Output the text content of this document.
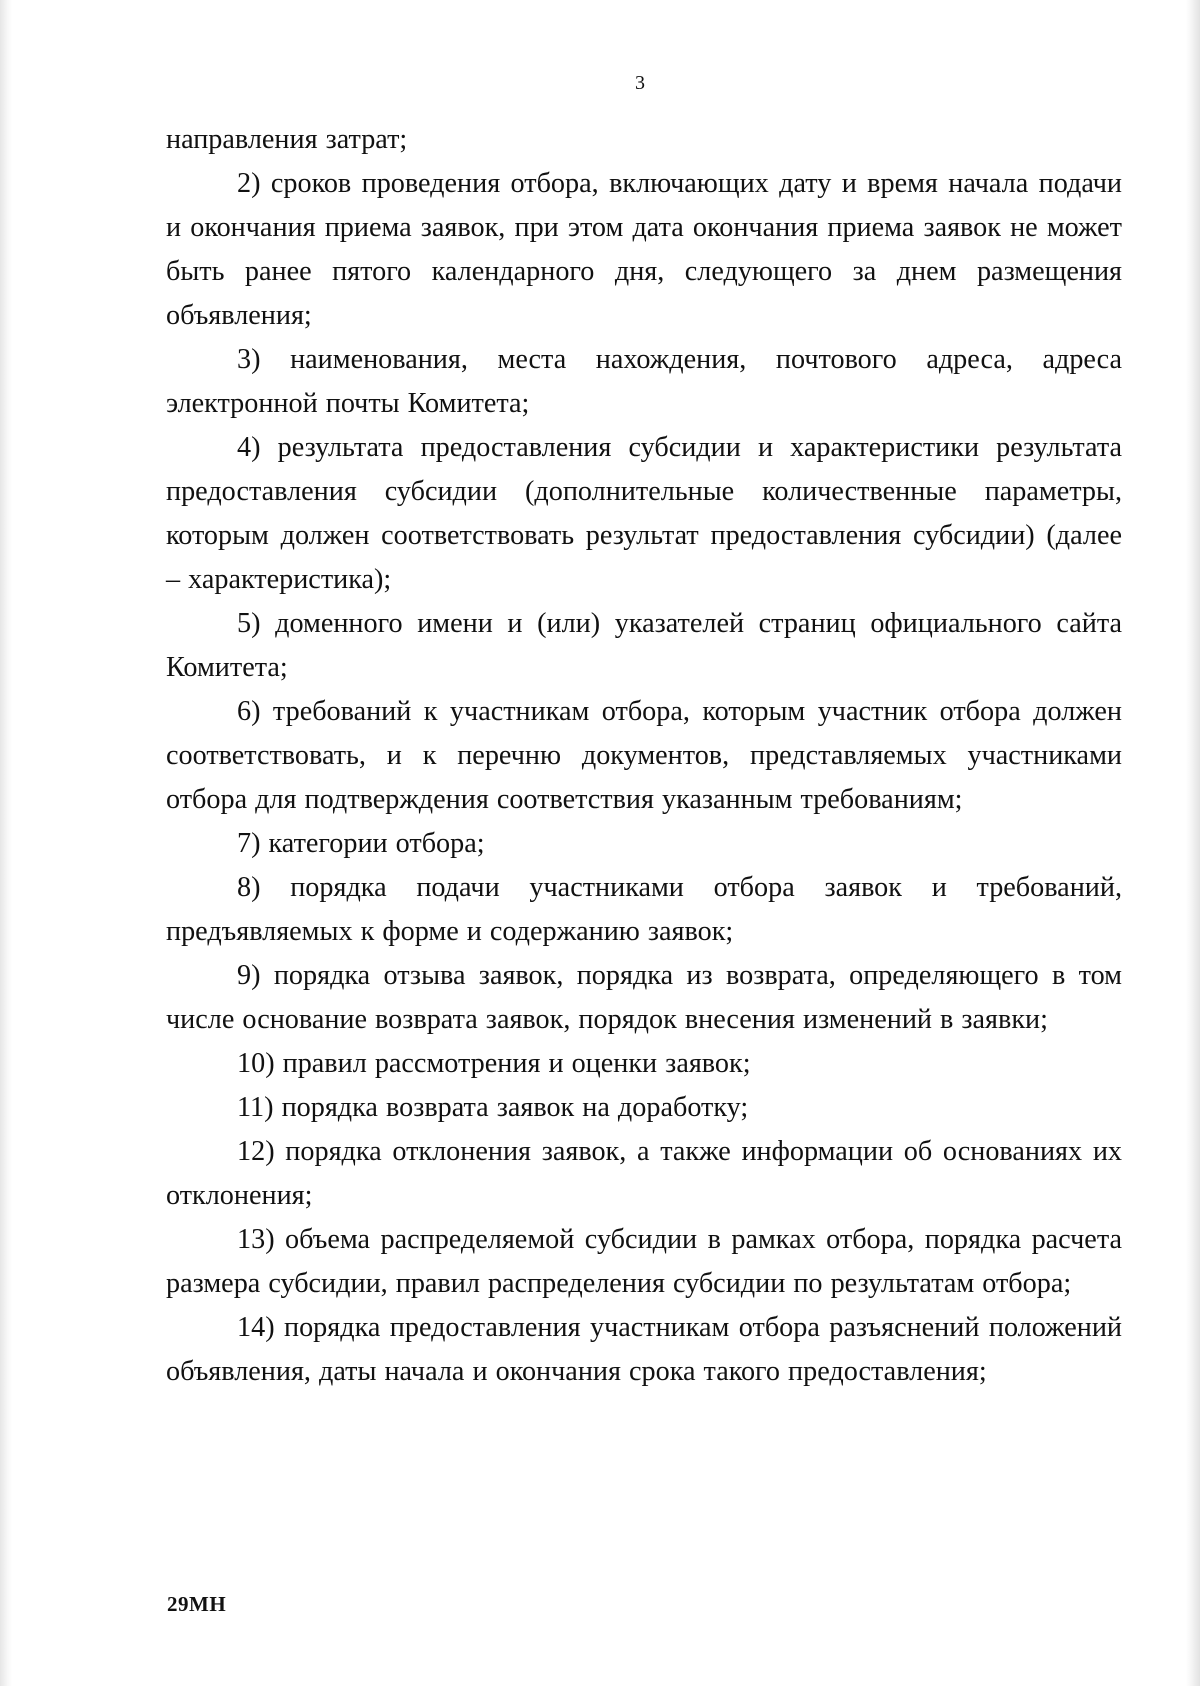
3

направления затрат;

2) сроков проведения отбора, включающих дату и время начала подачи и окончания приема заявок, при этом дата окончания приема заявок не может быть ранее пятого календарного дня, следующего за днем размещения объявления;

3) наименования, места нахождения, почтового адреса, адреса электронной почты Комитета;

4) результата предоставления субсидии и характеристики результата предоставления субсидии (дополнительные количественные параметры, которым должен соответствовать результат предоставления субсидии) (далее – характеристика);

5) доменного имени и (или) указателей страниц официального сайта Комитета;

6) требований к участникам отбора, которым участник отбора должен соответствовать, и к перечню документов, представляемых участниками отбора для подтверждения соответствия указанным требованиям;

7) категории отбора;

8) порядка подачи участниками отбора заявок и требований, предъявляемых к форме и содержанию заявок;

9) порядка отзыва заявок, порядка из возврата, определяющего в том числе основание возврата заявок, порядок внесения изменений в заявки;

10) правил рассмотрения и оценки заявок;

11) порядка возврата заявок на доработку;

12) порядка отклонения заявок, а также информации об основаниях их отклонения;

13) объема распределяемой субсидии в рамках отбора, порядка расчета размера субсидии, правил распределения субсидии по результатам отбора;

14) порядка предоставления участникам отбора разъяснений положений объявления, даты начала и окончания срока такого предоставления;

29МН
